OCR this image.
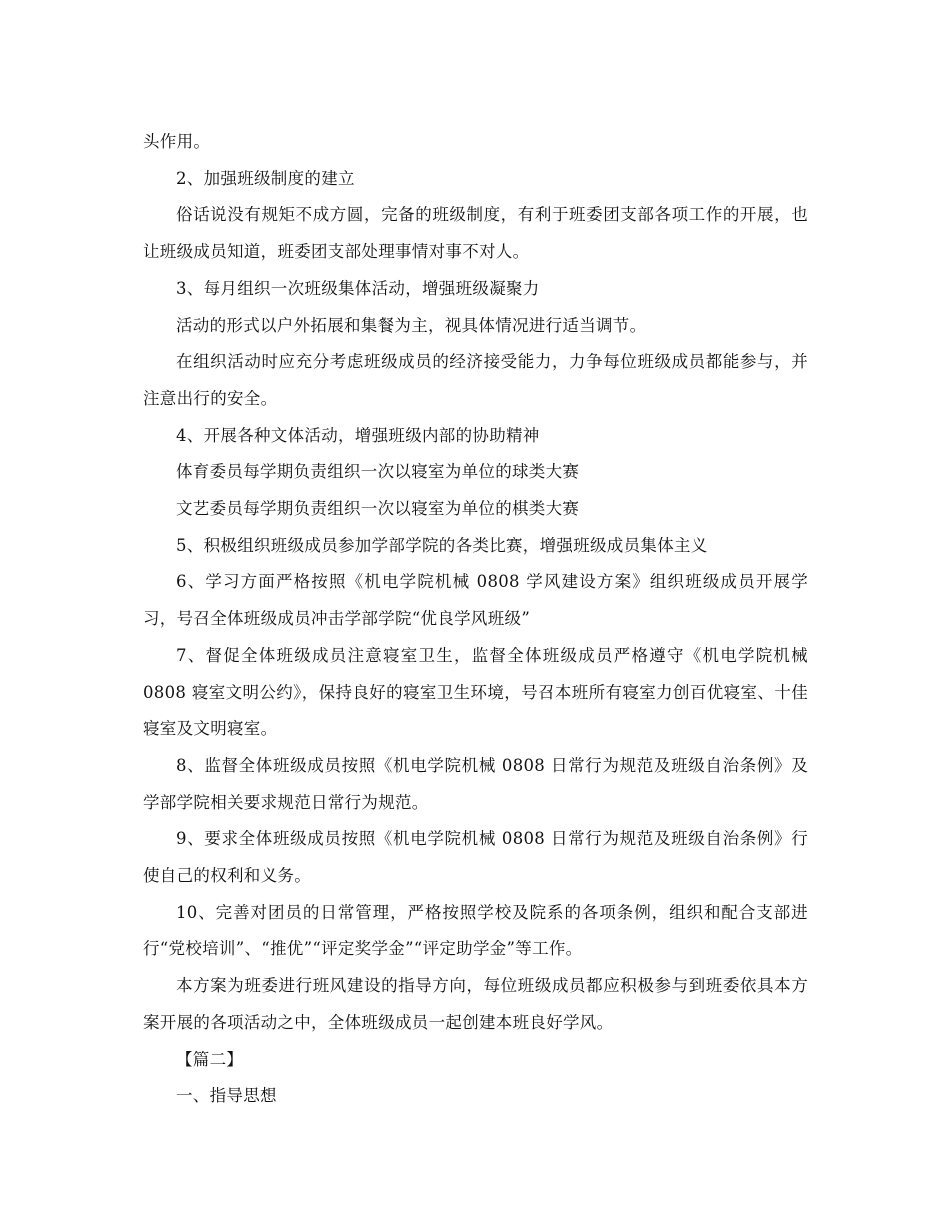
头作用。

2、加强班级制度的建立

俗话说没有规矩不成方圆，完备的班级制度，有利于班委团支部各项工作的开展，也让班级成员知道，班委团支部处理事情对事不对人。

3、每月组织一次班级集体活动，增强班级凝聚力

活动的形式以户外拓展和集餐为主，视具体情况进行适当调节。

在组织活动时应充分考虑班级成员的经济接受能力，力争每位班级成员都能参与，并注意出行的安全。

4、开展各种文体活动，增强班级内部的协助精神

体育委员每学期负责组织一次以寝室为单位的球类大赛

文艺委员每学期负责组织一次以寝室为单位的棋类大赛

5、积极组织班级成员参加学部学院的各类比赛，增强班级成员集体主义

6、学习方面严格按照《机电学院机械 0808 学风建设方案》组织班级成员开展学习，号召全体班级成员冲击学部学院“优良学风班级”

7、督促全体班级成员注意寝室卫生，监督全体班级成员严格遵守《机电学院机械 0808 寝室文明公约》，保持良好的寝室卫生环境，号召本班所有寝室力创百优寝室、十佳寝室及文明寝室。

8、监督全体班级成员按照《机电学院机械 0808 日常行为规范及班级自治条例》及学部学院相关要求规范日常行为规范。

9、要求全体班级成员按照《机电学院机械 0808 日常行为规范及班级自治条例》行使自己的权利和义务。

10、完善对团员的日常管理，严格按照学校及院系的各项条例，组织和配合支部进行“党校培训”、“推优”“评定奖学金”“评定助学金”等工作。

本方案为班委进行班风建设的指导方向，每位班级成员都应积极参与到班委依具本方案开展的各项活动之中，全体班级成员一起创建本班良好学风。

【篇二】

一、指导思想
